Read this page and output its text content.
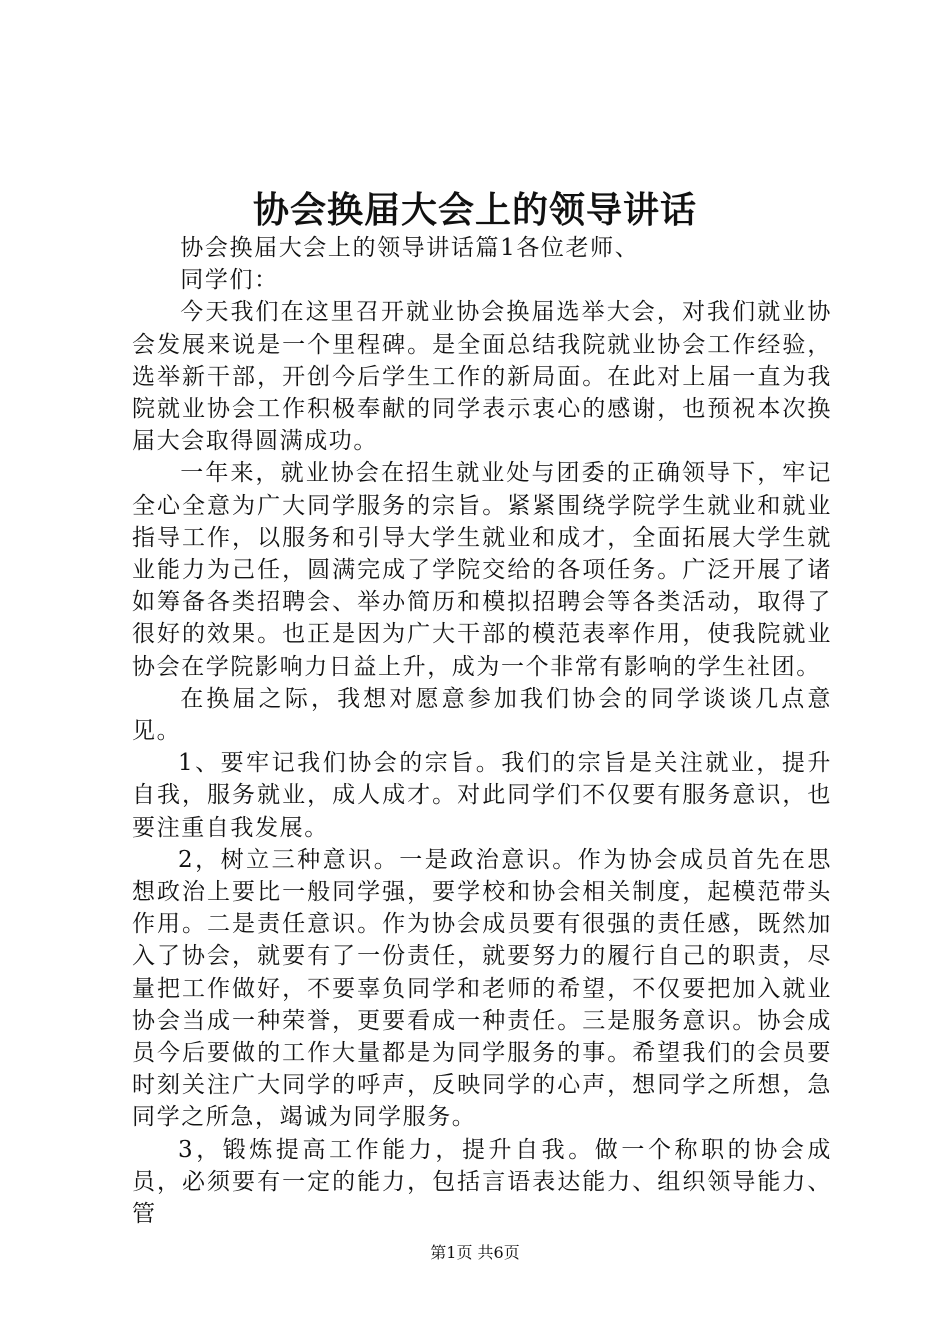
协会换届大会上的领导讲话

协会换届大会上的领导讲话篇1各位老师、

同学们：

今天我们在这里召开就业协会换届选举大会，对我们就业协会发展来说是一个里程碑。是全面总结我院就业协会工作经验，选举新干部，开创今后学生工作的新局面。在此对上届一直为我院就业协会工作积极奉献的同学表示衷心的感谢，也预祝本次换届大会取得圆满成功。

一年来，就业协会在招生就业处与团委的正确领导下，牢记全心全意为广大同学服务的宗旨。紧紧围绕学院学生就业和就业指导工作，以服务和引导大学生就业和成才，全面拓展大学生就业能力为己任，圆满完成了学院交给的各项任务。广泛开展了诸如筹备各类招聘会、举办简历和模拟招聘会等各类活动，取得了很好的效果。也正是因为广大干部的模范表率作用，使我院就业协会在学院影响力日益上升，成为一个非常有影响的学生社团。

在换届之际，我想对愿意参加我们协会的同学谈谈几点意见。

1、要牢记我们协会的宗旨。我们的宗旨是关注就业，提升自我，服务就业，成人成才。对此同学们不仅要有服务意识，也要注重自我发展。

2，树立三种意识。一是政治意识。作为协会成员首先在思想政治上要比一般同学强，要学校和协会相关制度，起模范带头作用。二是责任意识。作为协会成员要有很强的责任感，既然加入了协会，就要有了一份责任，就要努力的履行自己的职责，尽量把工作做好，不要辜负同学和老师的希望，不仅要把加入就业协会当成一种荣誉，更要看成一种责任。三是服务意识。协会成员今后要做的工作大量都是为同学服务的事。希望我们的会员要时刻关注广大同学的呼声，反映同学的心声，想同学之所想，急同学之所急，竭诚为同学服务。

3，锻炼提高工作能力，提升自我。做一个称职的协会成员，必须要有一定的能力，包括言语表达能力、组织领导能力、管

第1页 共6页
